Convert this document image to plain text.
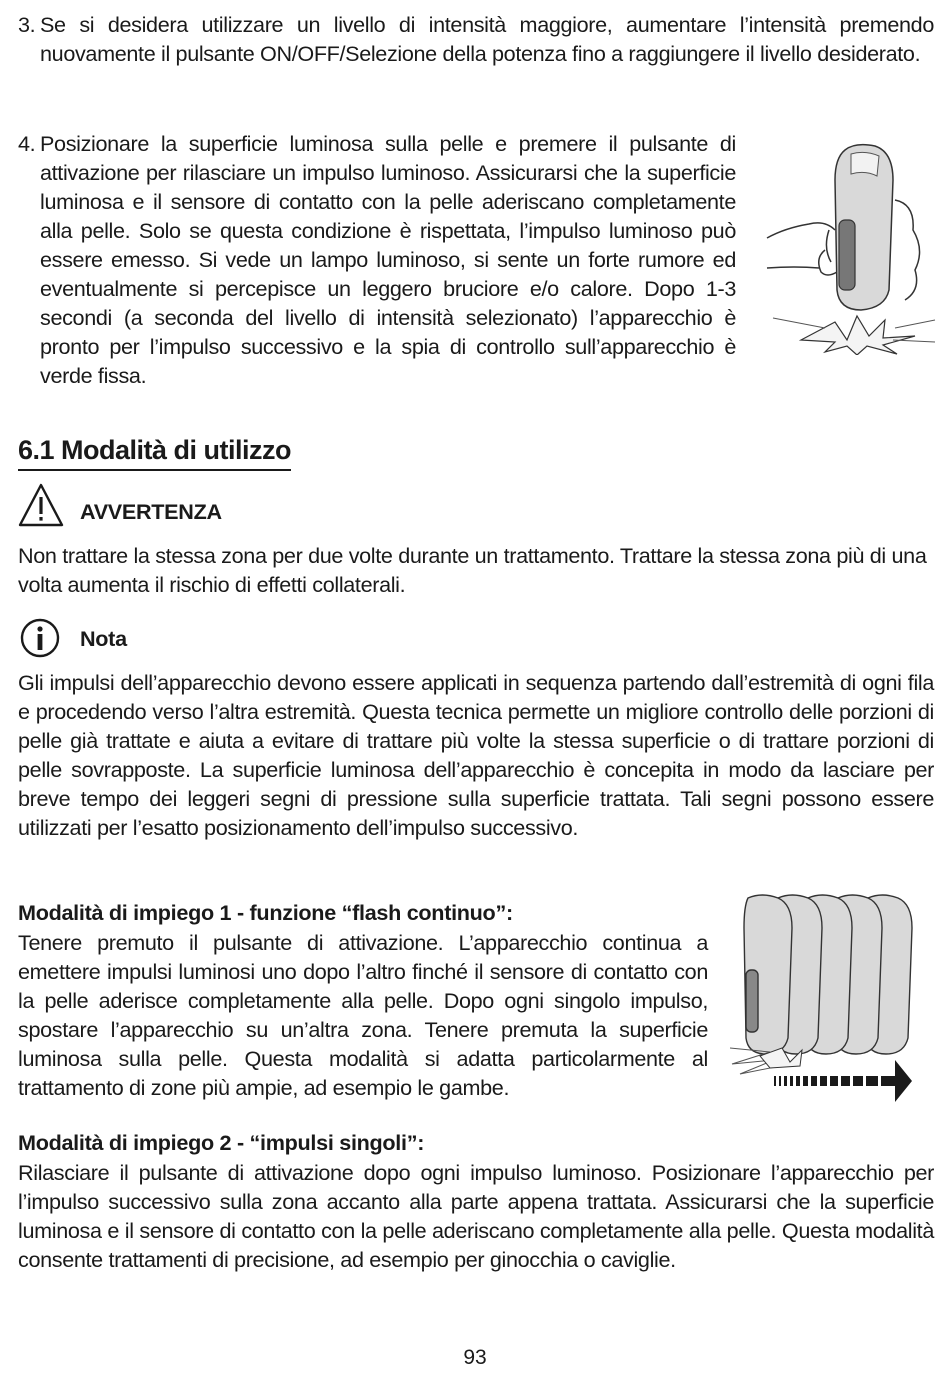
3. Se si desidera utilizzare un livello di intensità maggiore, aumentare l’intensità premendo nuovamente il pulsante ON/OFF/Selezione della potenza fino a raggiungere il livello desiderato.
4. Posizionare la superficie luminosa sulla pelle e premere il pulsante di attivazione per rilasciare un impulso luminoso. Assicurarsi che la superficie luminosa e il sensore di contatto con la pelle aderiscano completamente alla pelle. Solo se questa condizione è rispettata, l’impulso luminoso può essere emesso. Si vede un lampo luminoso, si sente un forte rumore ed eventualmente si percepisce un leggero bruciore e/o calore. Dopo 1-3 secondi (a seconda del livello di intensità selezionato) l’apparecchio è pronto per l’impulso successivo e la spia di controllo sull’apparecchio è verde fissa.
6.1 Modalità di utilizzo
AVVERTENZA
Non trattare la stessa zona per due volte durante un trattamento. Trattare la stessa zona più di una volta aumenta il rischio di effetti collaterali.
Nota
Gli impulsi dell’apparecchio devono essere applicati in sequenza partendo dall’estremità di ogni fila e procedendo verso l’altra estremità. Questa tecnica permette un migliore controllo delle porzioni di pelle già trattate e aiuta a evitare di trattare più volte la stessa superficie o di trattare porzioni di pelle sovrapposte. La superficie luminosa dell’apparecchio è concepita in modo da lasciare per breve tempo dei leggeri segni di pressione sulla superficie trattata. Tali segni possono essere utilizzati per l’esatto posizionamento dell’impulso successivo.
Modalità di impiego 1 - funzione “flash continuo”:
Tenere premuto il pulsante di attivazione. L’apparecchio continua a emettere impulsi luminosi uno dopo l’altro finché il sensore di contatto con la pelle aderisce completamente alla pelle. Dopo ogni singolo impulso, spostare l’apparecchio su un’altra zona. Tenere premuta la superficie luminosa sulla pelle. Questa modalità si adatta particolarmente al trattamento di zone più ampie, ad esempio le gambe.
Modalità di impiego 2 - “impulsi singoli”:
Rilasciare il pulsante di attivazione dopo ogni impulso luminoso. Posizionare l’apparecchio per l’impulso successivo sulla zona accanto alla parte appena trattata. Assicurarsi che la superficie luminosa e il sensore di contatto con la pelle aderiscano completamente alla pelle. Questa modalità consente trattamenti di precisione, ad esempio per ginocchia o caviglie.
93
